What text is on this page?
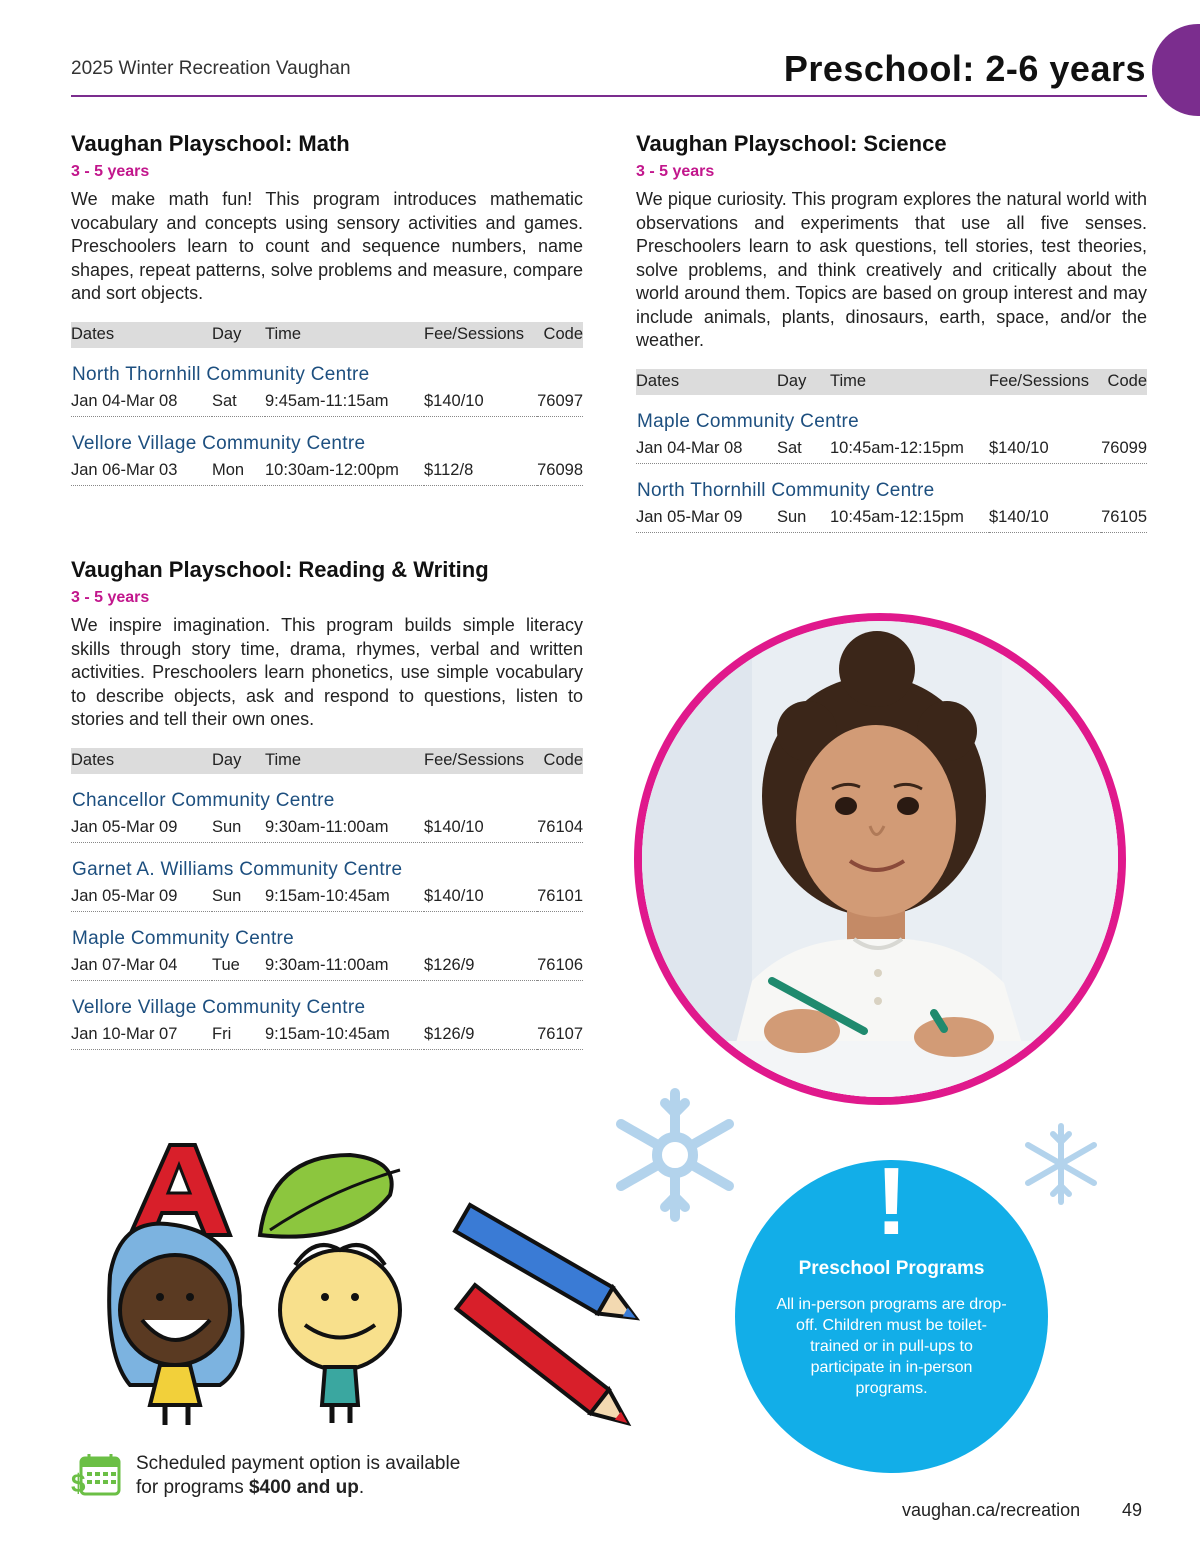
2025 Winter Recreation Vaughan	Preschool: 2-6 years
Vaughan Playschool: Math
3 - 5 years

We make math fun! This program introduces mathematic vocabulary and concepts using sensory activities and games. Preschoolers learn to count and sequence numbers, name shapes, repeat patterns, solve problems and measure, compare and sort objects.

Dates	Day	Time	Fee/Sessions	Code
North Thornhill Community Centre				
Jan 04-Mar 08	Sat	9:45am-11:15am	$140/10	76097
Vellore Village Community Centre				
Jan 06-Mar 03	Mon	10:30am-12:00pm	$112/8	76098
Vaughan Playschool: Reading & Writing
3 - 5 years

We inspire imagination. This program builds simple literacy skills through story time, drama, rhymes, verbal and written activities. Preschoolers learn phonetics, use simple vocabulary to describe objects, ask and respond to questions, listen to stories and tell their own ones.

Dates	Day	Time	Fee/Sessions	Code
Chancellor Community Centre				
Jan 05-Mar 09	Sun	9:30am-11:00am	$140/10	76104
Garnet A. Williams Community Centre				
Jan 05-Mar 09	Sun	9:15am-10:45am	$140/10	76101
Maple Community Centre				
Jan 07-Mar 04	Tue	9:30am-11:00am	$126/9	76106
Vellore Village Community Centre				
Jan 10-Mar 07	Fri	9:15am-10:45am	$126/9	76107
Vaughan Playschool: Science
3 - 5 years

We pique curiosity. This program explores the natural world with observations and experiments that use all five senses. Preschoolers learn to ask questions, tell stories, test theories, solve problems, and think creatively and critically about the world around them. Topics are based on group interest and may include animals, plants, dinosaurs, earth, space, and/or the weather.

Dates	Day	Time	Fee/Sessions	Code
Maple Community Centre				
Jan 04-Mar 08	Sat	10:45am-12:15pm	$140/10	76099
North Thornhill Community Centre				
Jan 05-Mar 09	Sun	10:45am-12:15pm	$140/10	76105
!
Preschool Programs
All in-person programs are drop-off. Children must be toilet-trained or in pull-ups to participate in in-person programs.
$
Scheduled payment option is available
for programs $400 and up.
vaughan.ca/recreation 49
